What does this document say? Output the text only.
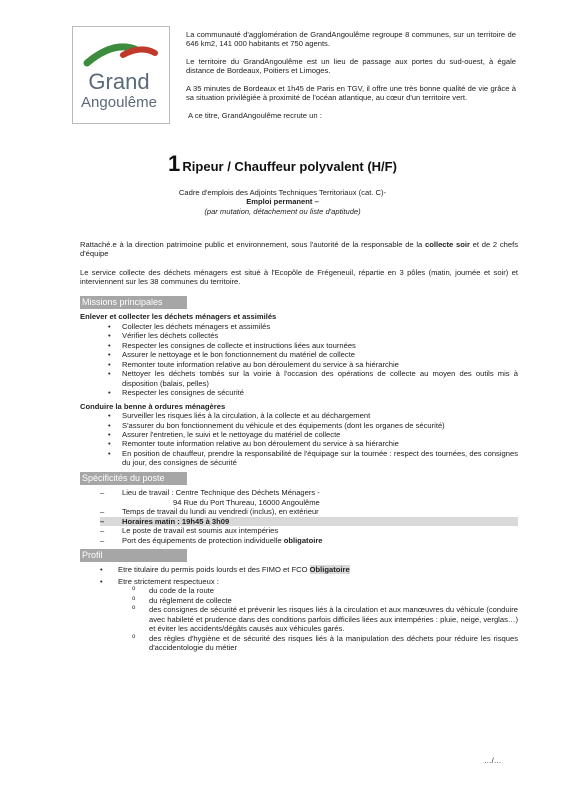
Grand
Angoulême

La communauté d'agglomération de GrandAngoulême regroupe 8 communes, sur un territoire de 646 km2, 141 000 habitants et 750 agents.

Le territoire du GrandAngoulême est un lieu de passage aux portes du sud-ouest, à égale distance de Bordeaux, Poitiers et Limoges.

A 35 minutes de Bordeaux et 1h45 de Paris en TGV, il offre une très bonne qualité de vie grâce à sa situation privilégiée à proximité de l'océan atlantique, au cœur d'un territoire vert.

A ce titre, GrandAngoulême recrute un :

1 Ripeur / Chauffeur polyvalent (H/F)
Cadre d'emplois des Adjoints Techniques Territoriaux (cat. C)-
Emploi permanent –
(par mutation, détachement ou liste d'aptitude)

Rattaché.e à la direction patrimoine public et environnement, sous l'autorité de la responsable de la collecte soir et de 2 chefs d'équipe

Le service collecte des déchets ménagers est situé à l'Ecopôle de Frégeneuil, répartie en 3 pôles (matin, journée et soir) et interviennent sur les 38 communes du territoire.

Missions principales
Enlever et collecter les déchets ménagers et assimilés
• Collecter les déchets ménagers et assimilés
• Vérifier les déchets collectés
• Respecter les consignes de collecte et instructions liées aux tournées
• Assurer le nettoyage et le bon fonctionnement du matériel de collecte
• Remonter toute information relative au bon déroulement du service à sa hiérarchie
• Nettoyer les déchets tombés sur la voirie à l'occasion des opérations de collecte au moyen des outils mis à disposition (balais, pelles)
• Respecter les consignes de sécurité
Conduire la benne à ordures ménagères
• Surveiller les risques liés à la circulation, à la collecte et au déchargement
• S'assurer du bon fonctionnement du véhicule et des équipements (dont les organes de sécurité)
• Assurer l'entretien, le suivi et le nettoyage du matériel de collecte
• Remonter toute information relative au bon déroulement du service à sa hiérarchie
• En position de chauffeur, prendre la responsabilité de l'équipage sur la tournée : respect des tournées, des consignes du jour, des consignes de sécurité
Spécificités du poste
– Lieu de travail : Centre Technique des Déchets Ménagers -
94 Rue du Port Thureau, 16000 Angoulême
– Temps de travail du lundi au vendredi (inclus), en extérieur
– Horaires matin : 19h45 à 3h09
– Le poste de travail est soumis aux intempéries
– Port des équipements de protection individuelle obligatoire
Profil
• Etre titulaire du permis poids lourds et des FIMO et FCO Obligatoire
• Etre strictement respectueux :
o du code de la route
o du règlement de collecte
o des consignes de sécurité et prévenir les risques liés à la circulation et aux manœuvres du véhicule (conduire avec habileté et prudence dans des conditions parfois difficiles liées aux intempéries : pluie, neige, verglas…) et éviter les accidents/dégâts causés aux véhicules garés.
o des règles d'hygiène et de sécurité des risques liés à la manipulation des déchets pour réduire les risques d'accidentologie du métier
…/…
